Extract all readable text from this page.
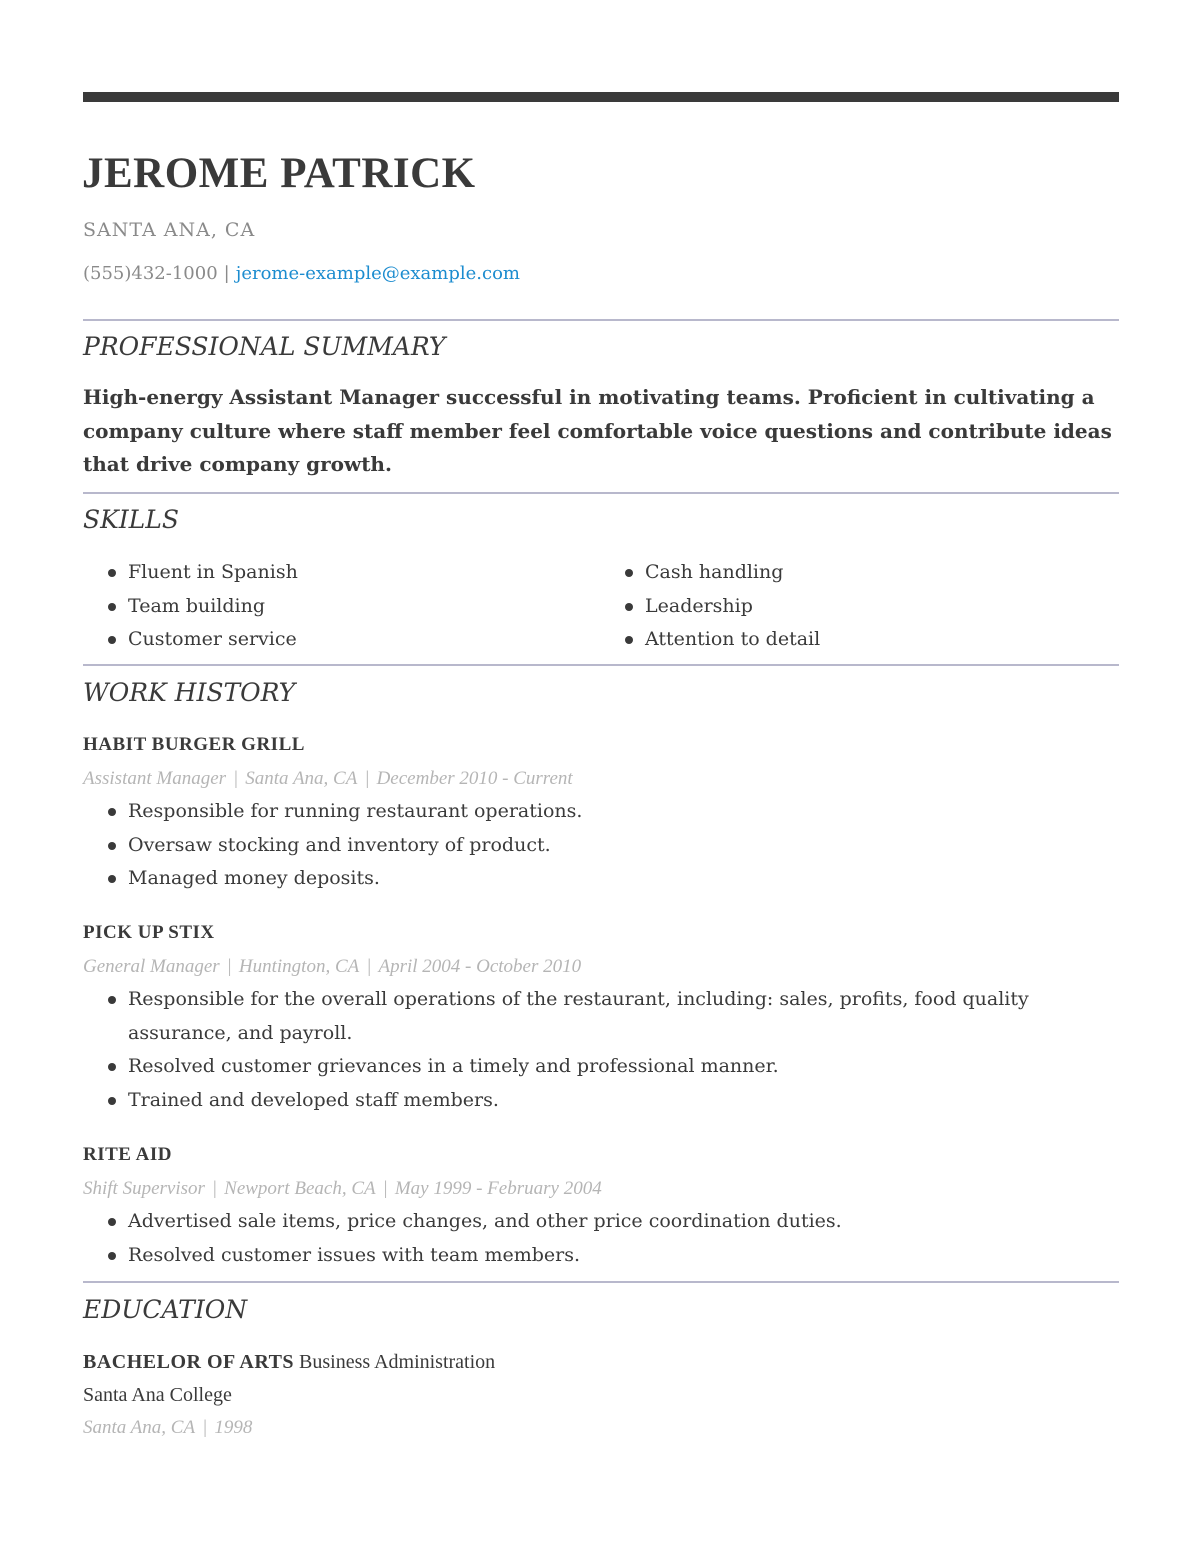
JEROME PATRICK
SANTA ANA, CA
(555)432-1000 | jerome-example@example.com
PROFESSIONAL SUMMARY
High-energy Assistant Manager successful in motivating teams. Proficient in cultivating a company culture where staff member feel comfortable voice questions and contribute ideas that drive company growth.
SKILLS
Fluent in Spanish
Team building
Customer service
Cash handling
Leadership
Attention to detail
WORK HISTORY
HABIT BURGER GRILL
Assistant Manager | Santa Ana, CA | December 2010 - Current
Responsible for running restaurant operations.
Oversaw stocking and inventory of product.
Managed money deposits.
PICK UP STIX
General Manager | Huntington, CA | April 2004 - October 2010
Responsible for the overall operations of the restaurant, including: sales, profits, food quality assurance, and payroll.
Resolved customer grievances in a timely and professional manner.
Trained and developed staff members.
RITE AID
Shift Supervisor | Newport Beach, CA | May 1999 - February 2004
Advertised sale items, price changes, and other price coordination duties.
Resolved customer issues with team members.
EDUCATION
BACHELOR OF ARTS Business Administration
Santa Ana College
Santa Ana, CA | 1998
